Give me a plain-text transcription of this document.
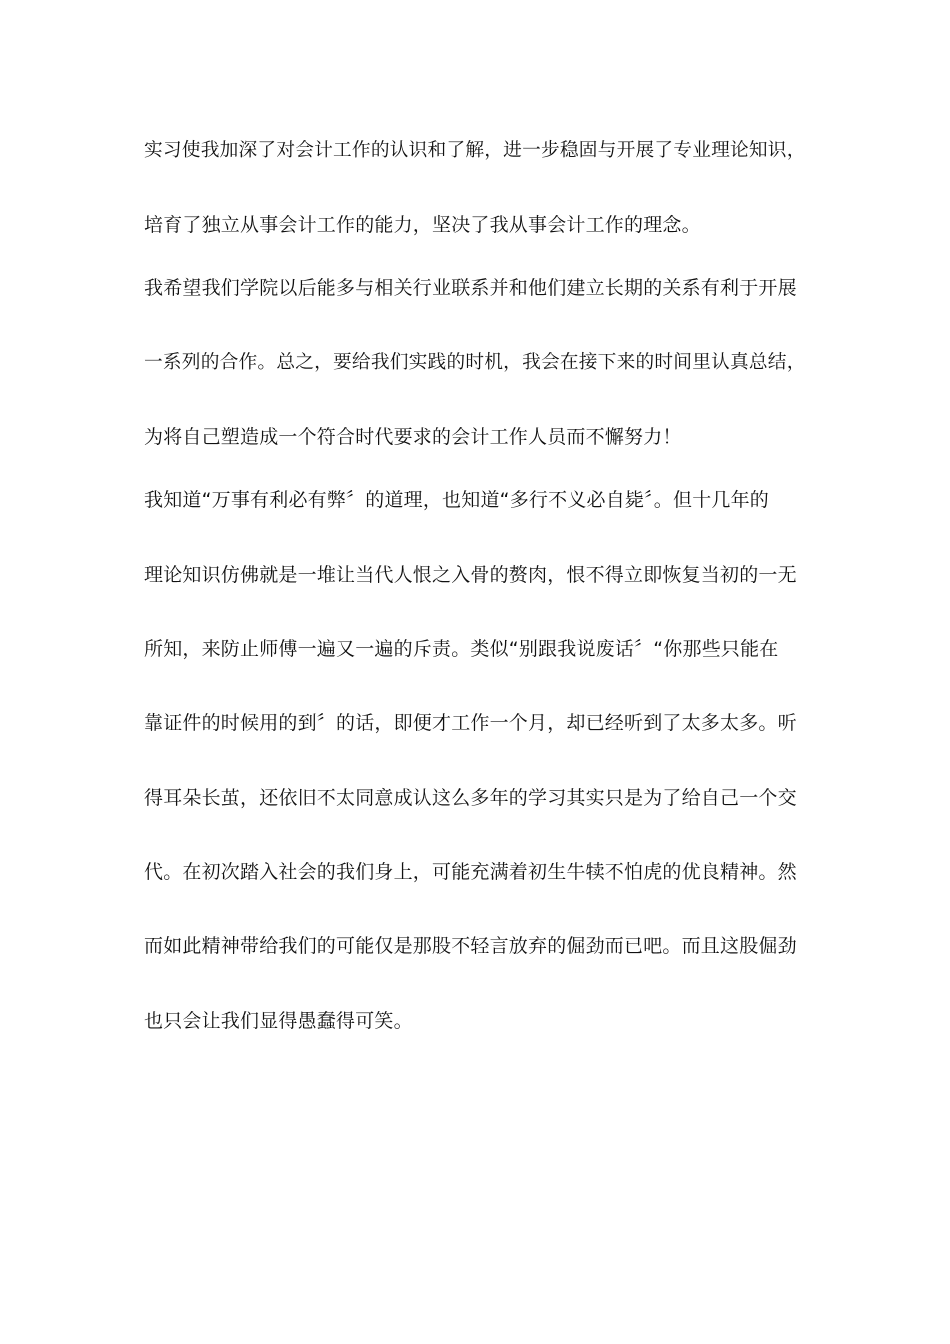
实习使我加深了对会计工作的认识和了解，进一步稳固与开展了专业理论知识，
培育了独立从事会计工作的能力，坚决了我从事会计工作的理念。
我希望我们学院以后能多与相关行业联系并和他们建立长期的关系有利于开展
一系列的合作。总之，要给我们实践的时机，我会在接下来的时间里认真总结，
为将自己塑造成一个符合时代要求的会计工作人员而不懈努力！
我知道“万事有利必有弊〞的道理，也知道“多行不义必自毙〞。但十几年的
理论知识仿佛就是一堆让当代人恨之入骨的赘肉，恨不得立即恢复当初的一无
所知，来防止师傅一遍又一遍的斥责。类似“别跟我说废话〞“你那些只能在
靠证件的时候用的到〞的话，即便才工作一个月，却已经听到了太多太多。听
得耳朵长茧，还依旧不太同意成认这么多年的学习其实只是为了给自己一个交
代。在初次踏入社会的我们身上，可能充满着初生牛犊不怕虎的优良精神。然
而如此精神带给我们的可能仅是那股不轻言放弃的倔劲而已吧。而且这股倔劲
也只会让我们显得愚蠢得可笑。
